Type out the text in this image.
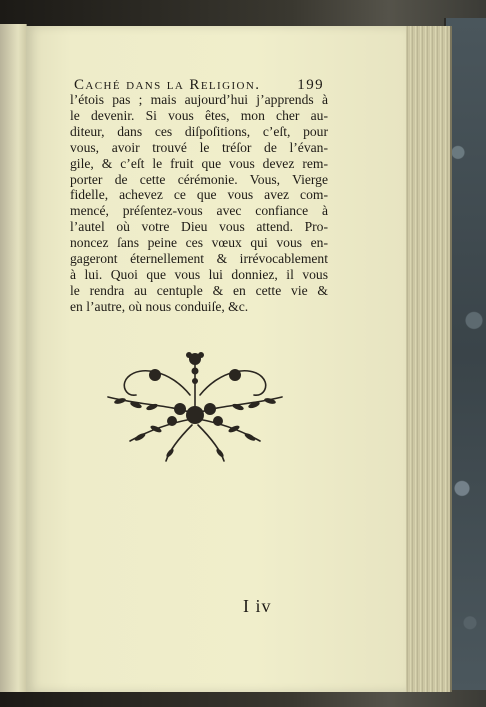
Caché dans la Religion. 199
l’étois pas ; mais aujourd’hui j’apprends à
le devenir. Si vous êtes, mon cher au-
diteur, dans ces diſpoſitions, c’eſt, pour
vous, avoir trouvé le tréſor de l’évan-
gile, & c’eſt le fruit que vous devez rem-
porter de cette cérémonie. Vous, Vierge
fidelle, achevez ce que vous avez com-
mencé, préſentez-vous avec confiance à
l’autel où votre Dieu vous attend. Pro-
noncez ſans peine ces vœux qui vous en-
gageront éternellement & irrévocablement
à lui. Quoi que vous lui donniez, il vous
le rendra au centuple & en cette vie &
en l’autre, où nous conduiſe, &c.
I iv
